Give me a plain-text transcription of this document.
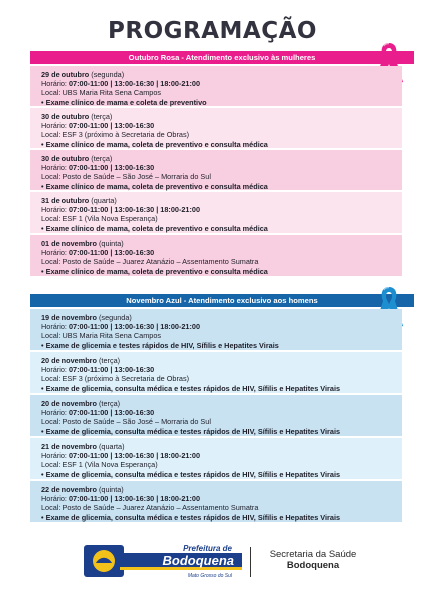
PROGRAMAÇÃO
Outubro Rosa - Atendimento exclusivo às mulheres
29 de outubro (segunda)
Horário: 07:00-11:00 | 13:00-16:30 | 18:00-21:00
Local: UBS Maria Rita Sena Campos
• Exame clínico de mama e coleta de preventivo
30 de outubro (terça)
Horário: 07:00-11:00 | 13:00-16:30
Local: ESF 3 (próximo à Secretaria de Obras)
• Exame clínico de mama, coleta de preventivo e consulta médica
30 de outubro (terça)
Horário: 07:00-11:00 | 13:00-16:30
Local: Posto de Saúde – São José – Morraria do Sul
• Exame clínico de mama, coleta de preventivo e consulta médica
31 de outubro (quarta)
Horário: 07:00-11:00 | 13:00-16:30 | 18:00-21:00
Local: ESF 1 (Vila Nova Esperança)
• Exame clínico de mama, coleta de preventivo e consulta médica
01 de novembro (quinta)
Horário: 07:00-11:00 | 13:00-16:30
Local: Posto de Saúde – Juarez Atanázio – Assentamento Sumatra
• Exame clínico de mama, coleta de preventivo e consulta médica
Novembro Azul - Atendimento exclusivo aos homens
19 de novembro (segunda)
Horário: 07:00-11:00 | 13:00-16:30 | 18:00-21:00
Local: UBS Maria Rita Sena Campos
• Exame de glicemia e testes rápidos de HIV, Sífilis e Hepatites Virais
20 de novembro (terça)
Horário: 07:00-11:00 | 13:00-16:30
Local: ESF 3 (próximo à Secretaria de Obras)
• Exame de glicemia, consulta médica e testes rápidos de HIV, Sífilis e Hepatites Virais
20 de novembro (terça)
Horário: 07:00-11:00 | 13:00-16:30
Local: Posto de Saúde – São José – Morraria do Sul
• Exame de glicemia, consulta médica e testes rápidos de HIV, Sífilis e Hepatites Virais
21 de novembro (quarta)
Horário: 07:00-11:00 | 13:00-16:30 | 18:00-21:00
Local: ESF 1 (Vila Nova Esperança)
• Exame de glicemia, consulta médica e testes rápidos de HIV, Sífilis e Hepatites Virais
22 de novembro (quinta)
Horário: 07:00-11:00 | 13:00-16:30 | 18:00-21:00
Local: Posto de Saúde – Juarez Atanázio – Assentamento Sumatra
• Exame de glicemia, consulta médica e testes rápidos de HIV, Sífilis e Hepatites Virais
Prefeitura de
Bodoquena
Mato Grosso do Sul
Secretaria da Saúde
Bodoquena
